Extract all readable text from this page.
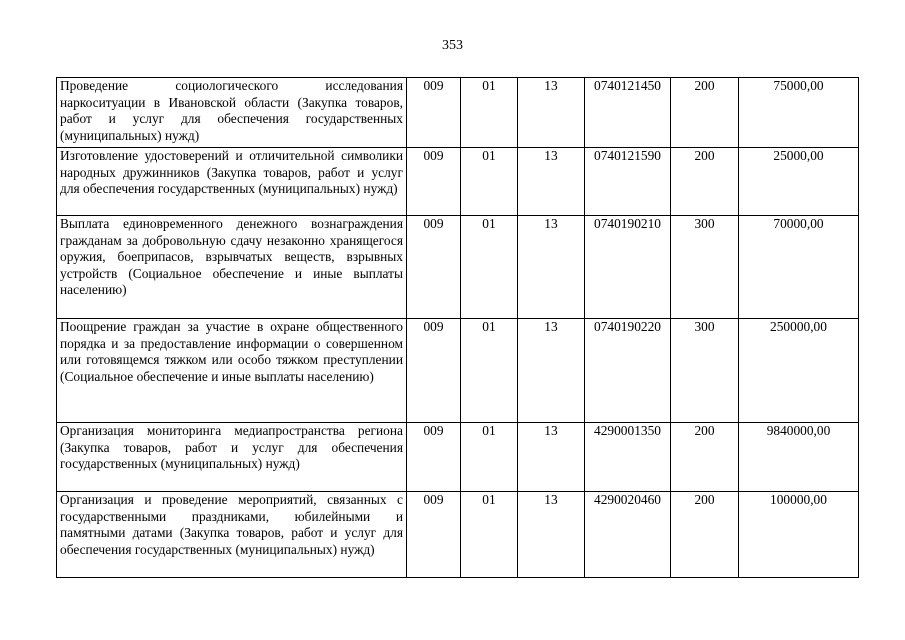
353
Проведение социологического исследования наркоситуации в Ивановской области (Закупка товаров, работ и услуг для обеспечения государственных (муниципальных) нужд)	009	01	13	0740121450	200	75000,00
Изготовление удостоверений и отличительной символики народных дружинников (Закупка товаров, работ и услуг для обеспечения государственных (муниципальных) нужд)	009	01	13	0740121590	200	25000,00
Выплата единовременного денежного вознаграждения гражданам за добровольную сдачу незаконно хранящегося оружия, боеприпасов, взрывчатых веществ, взрывных устройств (Социальное обеспечение и иные выплаты населению)	009	01	13	0740190210	300	70000,00
Поощрение граждан за участие в охране общественного порядка и за предоставление информации о совершенном или готовящемся тяжком или особо тяжком преступлении (Социальное обеспечение и иные выплаты населению)	009	01	13	0740190220	300	250000,00
Организация мониторинга медиапространства региона (Закупка товаров, работ и услуг для обеспечения государственных (муниципальных) нужд)	009	01	13	4290001350	200	9840000,00
Организация и проведение мероприятий, связанных с государственными праздниками, юбилейными и памятными датами (Закупка товаров, работ и услуг для обеспечения государственных (муниципальных) нужд)	009	01	13	4290020460	200	100000,00
